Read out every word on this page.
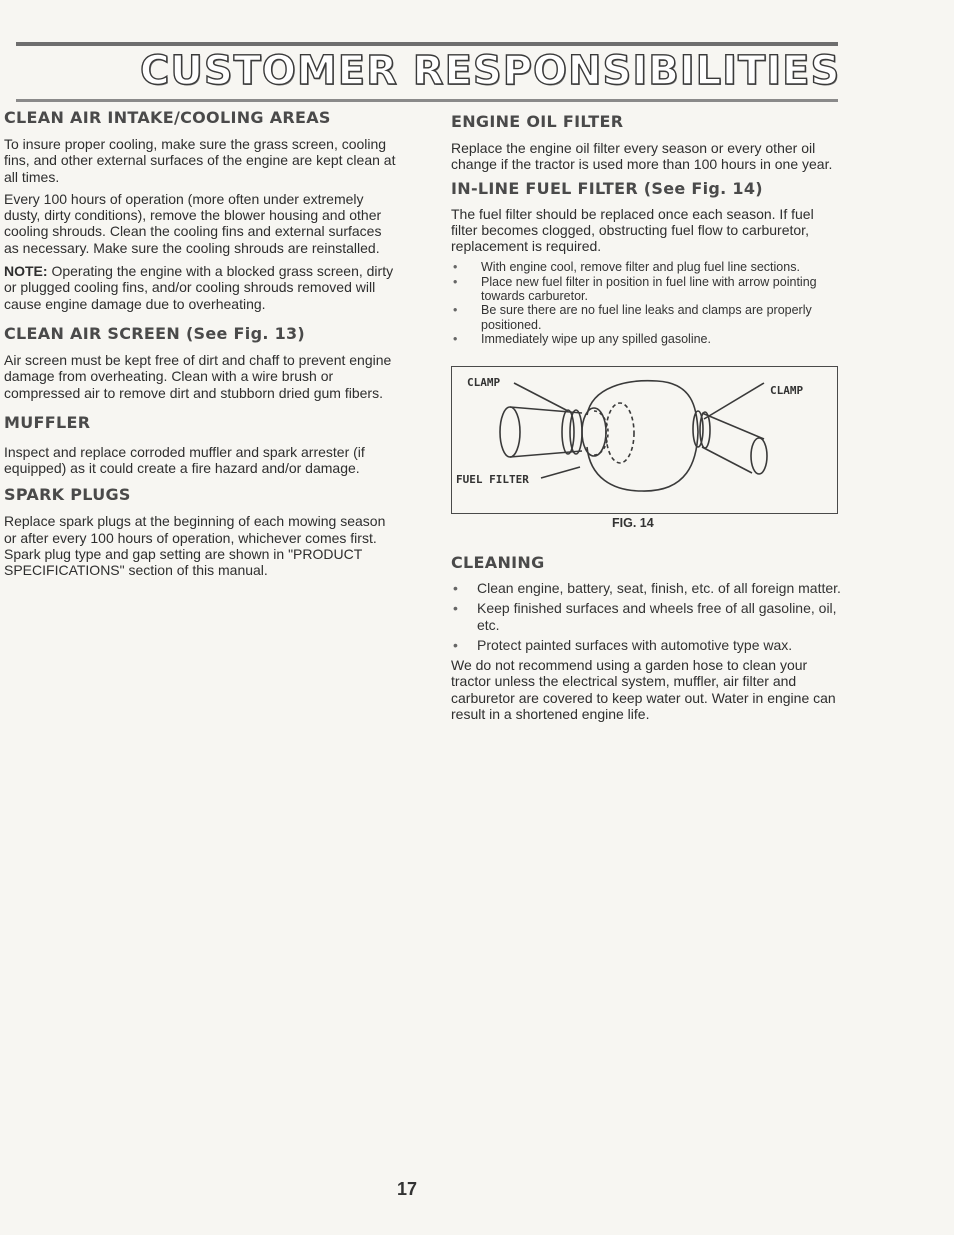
CUSTOMER RESPONSIBILITIES
CLEAN AIR INTAKE/COOLING AREAS

To insure proper cooling, make sure the grass screen, cooling fins, and other external surfaces of the engine are kept clean at all times.

Every 100 hours of operation (more often under extremely dusty, dirty conditions), remove the blower housing and other cooling shrouds. Clean the cooling fins and external surfaces as necessary. Make sure the cooling shrouds are reinstalled.

NOTE: Operating the engine with a blocked grass screen, dirty or plugged cooling fins, and/or cooling shrouds removed will cause engine damage due to overheating.

CLEAN AIR SCREEN (See Fig. 13)

Air screen must be kept free of dirt and chaff to prevent engine damage from overheating. Clean with a wire brush or compressed air to remove dirt and stubborn dried gum fibers.

MUFFLER

Inspect and replace corroded muffler and spark arrester (if equipped) as it could create a fire hazard and/or damage.

SPARK PLUGS

Replace spark plugs at the beginning of each mowing season or after every 100 hours of operation, whichever comes first. Spark plug type and gap setting are shown in "PRODUCT SPECIFICATIONS" section of this manual.

ENGINE OIL FILTER

Replace the engine oil filter every season or every other oil change if the tractor is used more than 100 hours in one year.

IN-LINE FUEL FILTER (See Fig. 14)

The fuel filter should be replaced once each season. If fuel filter becomes clogged, obstructing fuel flow to carburetor, replacement is required.

• With engine cool, remove filter and plug fuel line sections.
• Place new fuel filter in position in fuel line with arrow pointing towards carburetor.
• Be sure there are no fuel line leaks and clamps are properly positioned.
• Immediately wipe up any spilled gasoline.
CLAMP
CLAMP
FUEL FILTER
FIG. 14
CLEANING
• Clean engine, battery, seat, finish, etc. of all foreign matter.
• Keep finished surfaces and wheels free of all gasoline, oil, etc.
• Protect painted surfaces with automotive type wax.

We do not recommend using a garden hose to clean your tractor unless the electrical system, muffler, air filter and carburetor are covered to keep water out. Water in engine can result in a shortened engine life.

17
